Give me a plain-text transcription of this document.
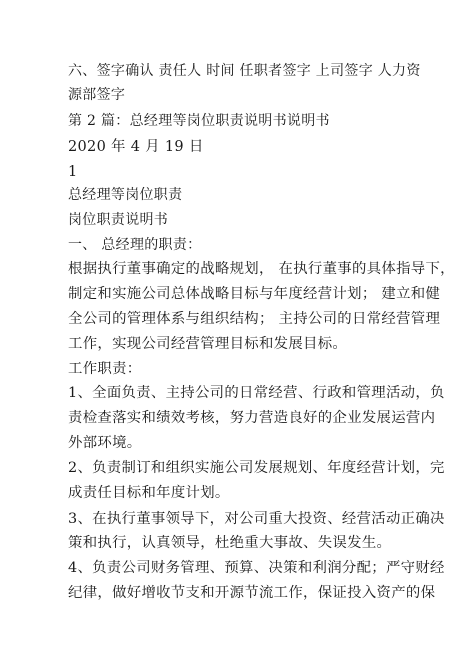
六、签字确认 责任人 时间 任职者签字 上司签字 人力资

源部签字

第 2 篇：总经理等岗位职责说明书说明书

2020 年 4 月 19 日

1

总经理等岗位职责

岗位职责说明书

一、 总经理的职责：

根据执行董事确定的战略规划， 在执行董事的具体指导下，

制定和实施公司总体战略目标与年度经营计划； 建立和健

全公司的管理体系与组织结构； 主持公司的日常经营管理

工作，实现公司经营管理目标和发展目标。

工作职责：

1、全面负责、主持公司的日常经营、行政和管理活动，负

责检查落实和绩效考核，努力营造良好的企业发展运营内

外部环境。

2、负责制订和组织实施公司发展规划、年度经营计划，完

成责任目标和年度计划。

3、在执行董事领导下，对公司重大投资、经营活动正确决

策和执行，认真领导，杜绝重大事故、失误发生。

4、负责公司财务管理、预算、决策和利润分配；严守财经

纪律，做好增收节支和开源节流工作，保证投入资产的保
